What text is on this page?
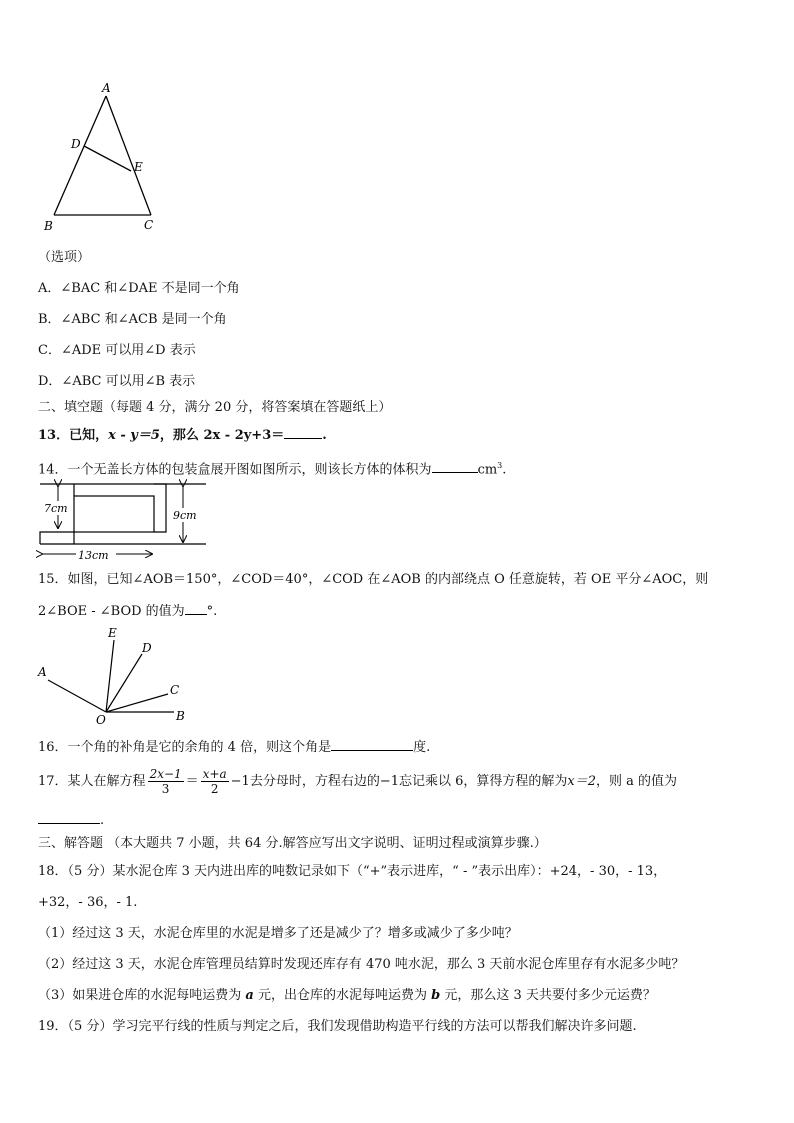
A
D
E
B	C
（选项）
A．∠BAC 和∠DAE 不是同一个角
B．∠ABC 和∠ACB 是同一个角
C．∠ADE 可以用∠D 表示
D．∠ABC 可以用∠B 表示
二、填空题（每题 4 分，满分 20 分，将答案填在答题纸上）
13．已知，x - y＝5，那么 2x - 2y+3＝	.
14．一个无盖长方体的包装盒展开图如图所示，则该长方体的体积为	$cm^3$.
7cm
9cm
13cm
15．如图，已知∠AOB＝150°，∠COD＝40°，∠COD 在∠AOB 的内部绕点 O 任意旋转，若 OE 平分∠AOC，则
2∠BOE - ∠BOD 的值为 °.
E
D
A
C
B
O
16．一个角的补角是它的余角的 4 倍，则这个角是	度.
17．某人在解方程 $\frac{2x-1}{3} = \frac{x+a}{2} -1$去分母时，方程右边的−1忘记乘以 6，算得方程的解为x＝2，则 a 的值为
.
三、解答题 （本大题共 7 小题，共 64 分.解答应写出文字说明、证明过程或演算步骤.）
18．（5 分）某水泥仓库 3 天内进出库的吨数记录如下（“+”表示进库，“ - ”表示出库）：+24，- 30，- 13，
+32，- 36，- 1.
（1）经过这 3 天，水泥仓库里的水泥是增多了还是减少了？增多或减少了多少吨？
（2）经过这 3 天，水泥仓库管理员结算时发现还库存有 470 吨水泥，那么 3 天前水泥仓库里存有水泥多少吨？
（3）如果进仓库的水泥每吨运费为 a 元，出仓库的水泥每吨运费为 b 元，那么这 3 天共要付多少元运费？
19．（5 分）学习完平行线的性质与判定之后，我们发现借助构造平行线的方法可以帮我们解决许多问题.
